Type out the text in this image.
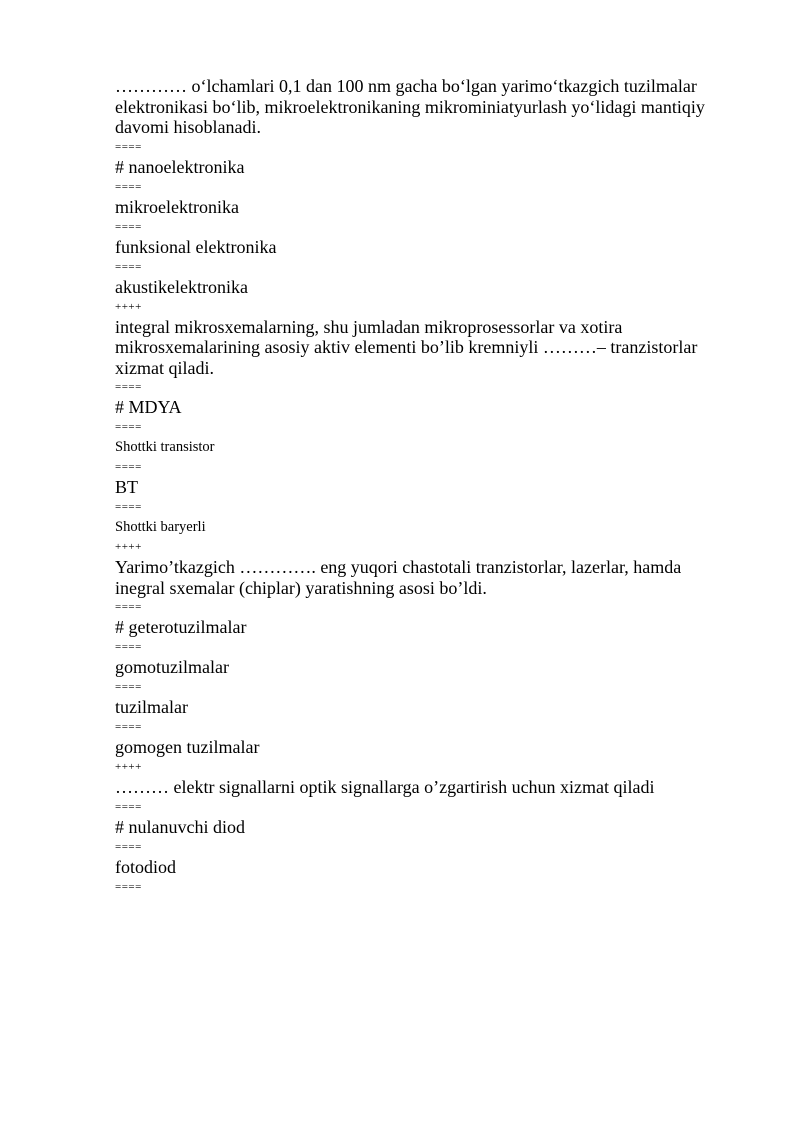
………… o‘lchamlari 0,1 dan 100 nm gacha bo‘lgan yarimo‘tkazgich tuzilmalar elektronikasi bo‘lib, mikroelektronikaning mikrominiatyurlash yo‘lidagi mantiqiy davomi hisoblanadi.

====
# nanoelektronika
====
mikroelektronika
====
funksional elektronika
====
akustikelektronika
++++

integral mikrosxemalarning, shu jumladan mikroprosessorlar va xotira mikrosxemalarining asosiy aktiv elementi bo’lib kremniyli ………– tranzistorlar xizmat qiladi.

====
# MDYA
====
Shottki transistor
====
BT
====
Shottki baryerli
++++

Yarimo’tkazgich …………. eng yuqori chastotali tranzistorlar, lazerlar, hamda inegral sxemalar (chiplar) yaratishning asosi bo’ldi.

====
# geterotuzilmalar
====
gomotuzilmalar
====
tuzilmalar
====
gomogen tuzilmalar
++++

……… elektr signallarni optik signallarga o’zgartirish uchun xizmat qiladi

====
# nulanuvchi diod
====
fotodiod
====
